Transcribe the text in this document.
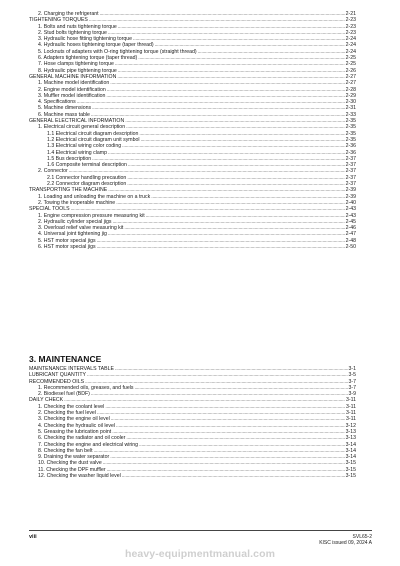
2. Charging the refrigerant .....	2-21
TIGHTENING TORQUES .....	2-23
1. Bolts and nuts tightening torque .....	2-23
2. Stud bolts tightening torque .....	2-23
3. Hydraulic hose fitting tightening torque .....	2-24
4. Hydraulic hoses tightening torque (taper thread) .....	2-24
5. Locknuts of adapters with O-ring tightening torque (straight thread) .....	2-24
6. Adapters tightening torque (taper thread) .....	2-25
7. Hose clamps tightening torque .....	2-25
8. Hydraulic pipe tightening torque .....	2-26
GENERAL MACHINE INFORMATION .....	2-27
1. Machine model identification .....	2-27
2. Engine model identification .....	2-28
3. Muffler model identification .....	2-29
4. Specifications .....	2-30
5. Machine dimensions .....	2-31
6. Machine mass table .....	2-33
GENERAL ELECTRICAL INFORMATION .....	2-35
1. Electrical circuit general description .....	2-35
1.1 Electrical circuit diagram description .....	2-35
1.2 Electrical circuit diagram unit symbol .....	2-35
1.3 Electrical wiring color coding .....	2-36
1.4 Electrical wiring clamp .....	2-36
1.5 Bus description .....	2-37
1.6 Composite terminal description .....	2-37
2. Connector .....	2-37
2.1 Connector handling precaution .....	2-37
2.2 Connector diagram description .....	2-37
TRANSPORTING THE MACHINE .....	2-39
1. Loading and unloading the machine on a truck .....	2-39
2. Towing the inoperable machine .....	2-40
SPECIAL TOOLS .....	2-43
1. Engine compression pressure measuring kit .....	2-43
2. Hydraulic cylinder special jigs .....	2-45
3. Overload relief valve measuring kit .....	2-46
4. Universal joint tightening jig .....	2-47
5. HST motor special jigs .....	2-48
6. HST motor special jigs .....	2-50
3. MAINTENANCE
MAINTENANCE INTERVALS TABLE .....	3-1
LUBRICANT QUANTITY .....	3-5
RECOMMENDED OILS .....	3-7
1. Recommended oils, greases, and fuels .....	3-7
2. Biodiesel fuel (BDF) .....	3-9
DAILY CHECK .....	3-11
1. Checking the coolant level .....	3-11
2. Checking the fuel level .....	3-11
3. Checking the engine oil level .....	3-11
4. Checking the hydraulic oil level .....	3-12
5. Greasing the lubrication point .....	3-13
6. Checking the radiator and oil cooler .....	3-13
7. Checking the engine and electrical wiring .....	3-14
8. Checking the fan belt .....	3-14
9. Draining the water separator .....	3-14
10. Checking the dust valve .....	3-15
11. Checking the DPF muffler .....	3-15
12. Checking the washer liquid level .....	3-15
viii	SVL65-2
KISC issued 09, 2024 A
heavy-equipmentmanual.com
